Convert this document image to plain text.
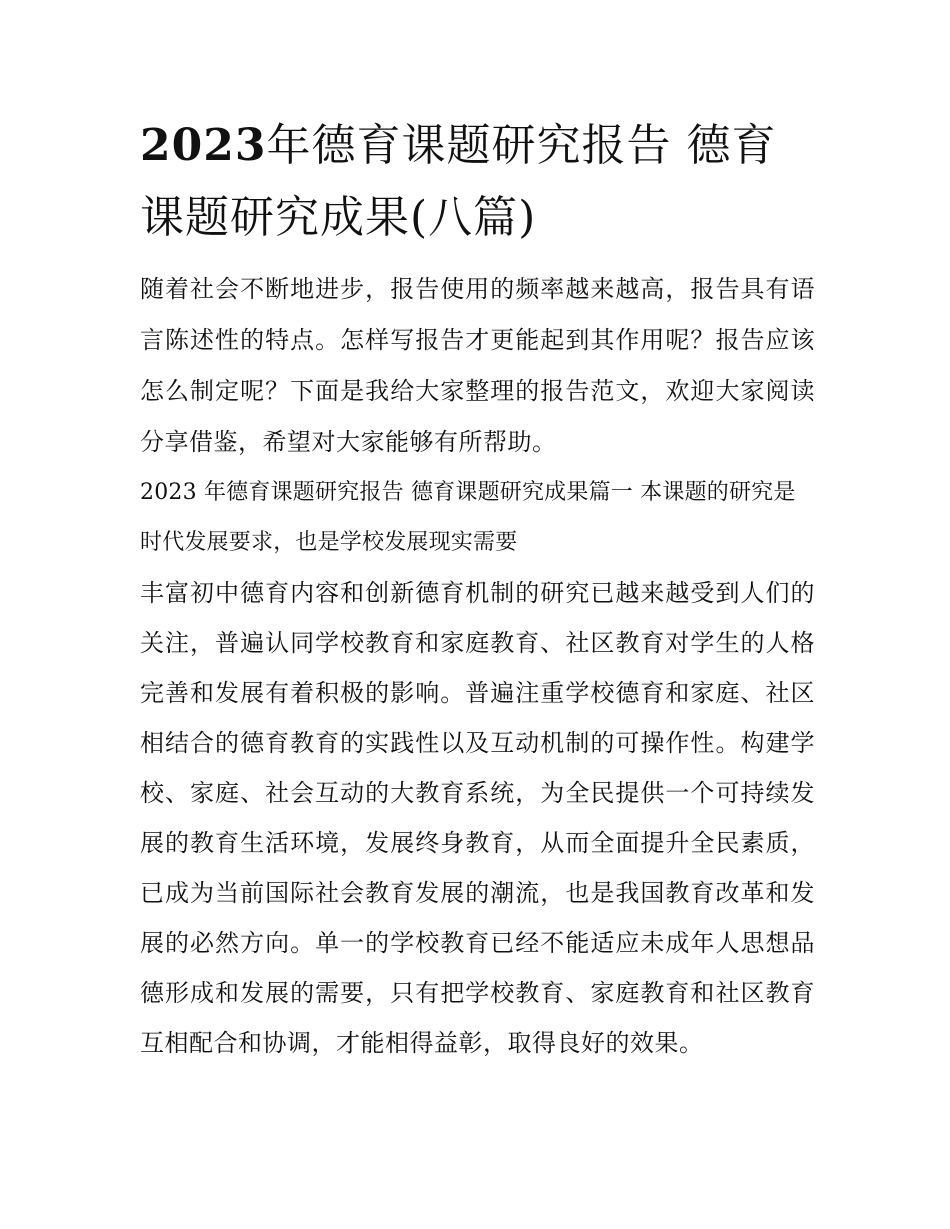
2023年德育课题研究报告 德育课题研究成果(八篇)

随着社会不断地进步，报告使用的频率越来越高，报告具有语言陈述性的特点。怎样写报告才更能起到其作用呢？报告应该怎么制定呢？下面是我给大家整理的报告范文，欢迎大家阅读分享借鉴，希望对大家能够有所帮助。

2023 年德育课题研究报告 德育课题研究成果篇一 本课题的研究是时代发展要求，也是学校发展现实需要

丰富初中德育内容和创新德育机制的研究已越来越受到人们的关注，普遍认同学校教育和家庭教育、社区教育对学生的人格完善和发展有着积极的影响。普遍注重学校德育和家庭、社区相结合的德育教育的实践性以及互动机制的可操作性。构建学校、家庭、社会互动的大教育系统，为全民提供一个可持续发展的教育生活环境，发展终身教育，从而全面提升全民素质，已成为当前国际社会教育发展的潮流，也是我国教育改革和发展的必然方向。单一的学校教育已经不能适应未成年人思想品德形成和发展的需要，只有把学校教育、家庭教育和社区教育互相配合和协调，才能相得益彰，取得良好的效果。
